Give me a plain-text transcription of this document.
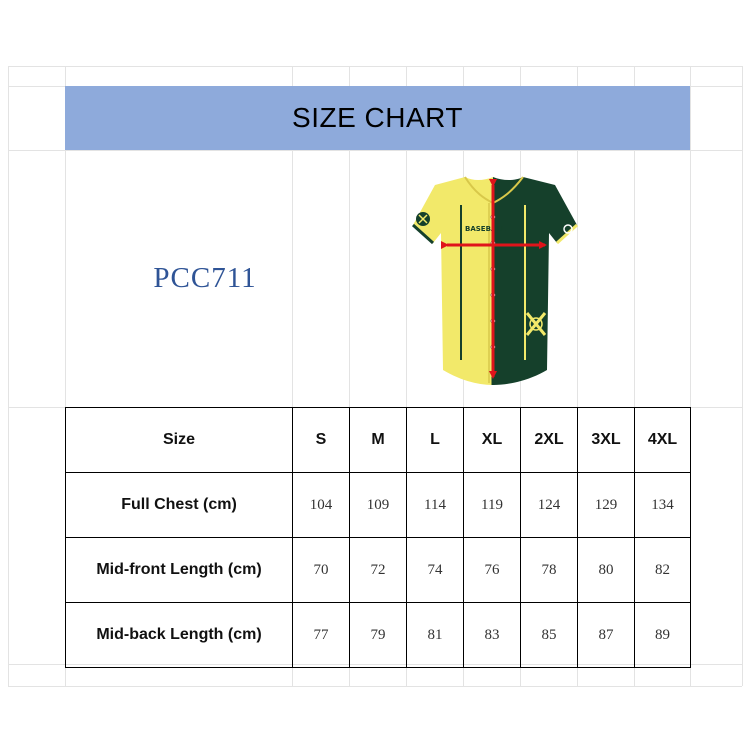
SIZE CHART
PCC711
BASEBALL
Size	S	M	L	XL	2XL	3XL	4XL
Full Chest (cm)	104	109	114	119	124	129	134
Mid-front Length (cm)	70	72	74	76	78	80	82
Mid-back Length (cm)	77	79	81	83	85	87	89
